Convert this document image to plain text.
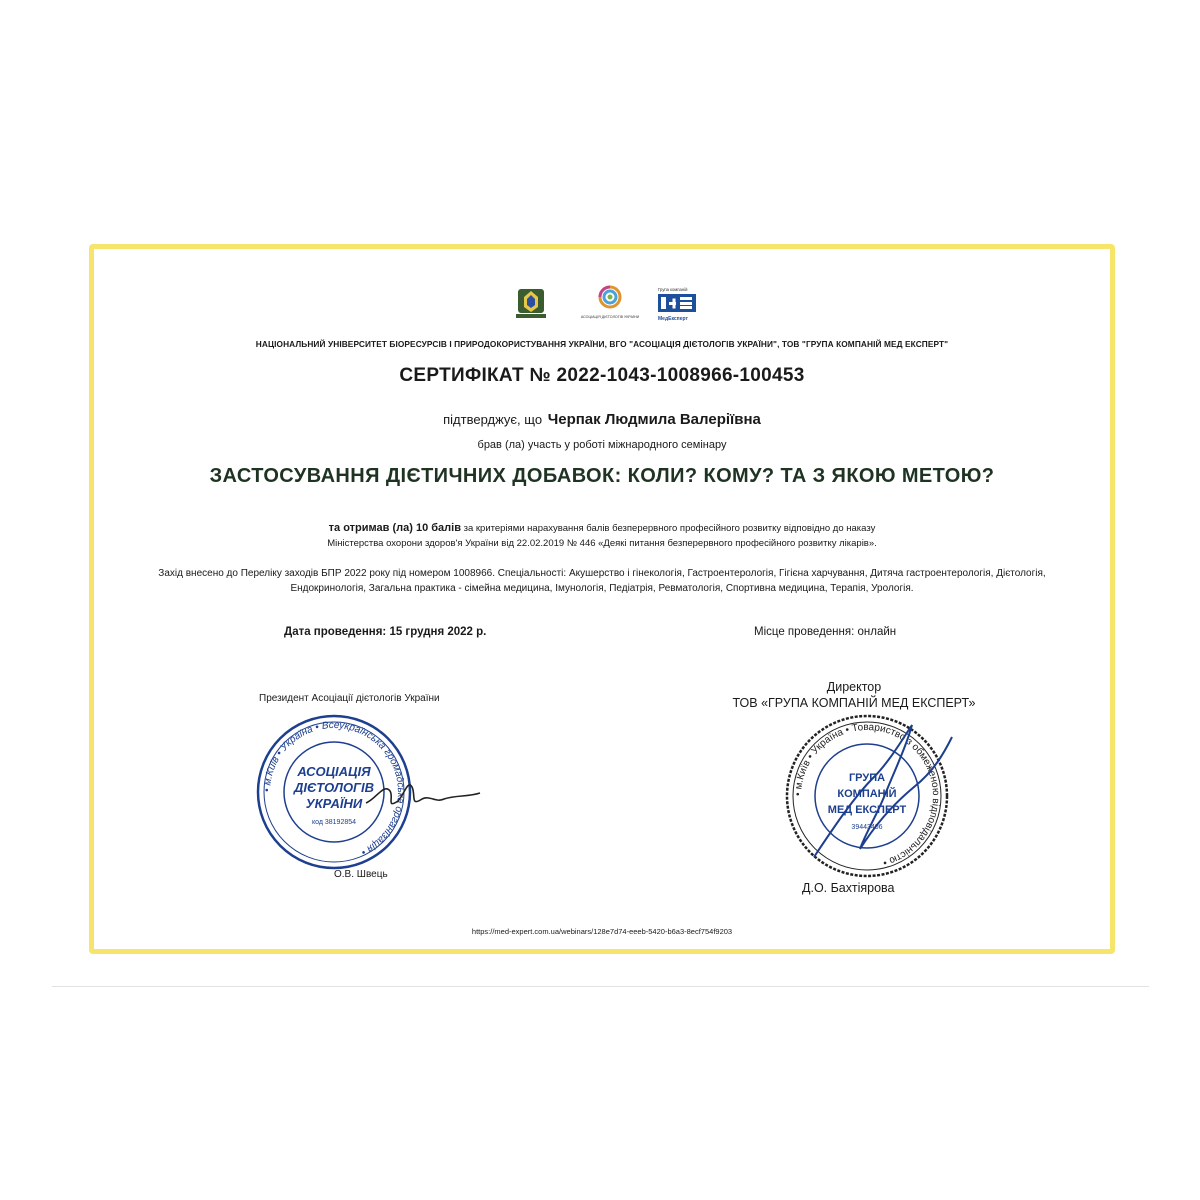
АСОЦІАЦІЯ ДІЄТОЛОГІВ УКРАЇНИ
Група компаній
МедЕксперт
НАЦІОНАЛЬНИЙ УНІВЕРСИТЕТ БІОРЕСУРСІВ І ПРИРОДОКОРИСТУВАННЯ УКРАЇНИ, ВГО "АСОЦІАЦІЯ ДІЄТОЛОГІВ УКРАЇНИ", ТОВ "ГРУПА КОМПАНІЙ МЕД ЕКСПЕРТ"
СЕРТИФІКАТ № 2022-1043-1008966-100453
підтверджує, що Черпак Людмила Валеріївна
брав (ла) участь у роботі міжнародного семінару
ЗАСТОСУВАННЯ ДІЄТИЧНИХ ДОБАВОК: КОЛИ? КОМУ? ТА З ЯКОЮ МЕТОЮ?
та отримав (ла) 10 балів за критеріями нарахування балів безперервного професійного розвитку відповідно до наказу
Міністерства охорони здоров'я України від 22.02.2019 № 446 «Деякі питання безперервного професійного розвитку лікарів».
Захід внесено до Переліку заходів БПР 2022 року під номером 1008966. Спеціальності: Акушерство і гінекологія, Гастроентерологія, Гігієна харчування, Дитяча гастроентерологія, Дієтологія, Ендокринологія, Загальна практика - сімейна медицина, Імунологія, Педіатрія, Ревматологія, Спортивна медицина, Терапія, Урологія.
Дата проведення: 15 грудня 2022 р.	Місце проведення: онлайн
Президент Асоціації дієтологів України
Директор
ТОВ «ГРУПА КОМПАНІЙ МЕД ЕКСПЕРТ»
• м.Київ • Україна • Всеукраїнська громадська організація •
АСОЦІАЦІЯ
ДІЄТОЛОГІВ
УКРАЇНИ
код 38192854
• м.Київ • Україна • Товариство з обмеженою відповідальністю •
ГРУПА
КОМПАНІЙ
МЕД ЕКСПЕРТ
39443406
О.В. Швець
Д.О. Бахтіярова
https://med-expert.com.ua/webinars/128e7d74-eeeb-5420-b6a3-8ecf754f9203
